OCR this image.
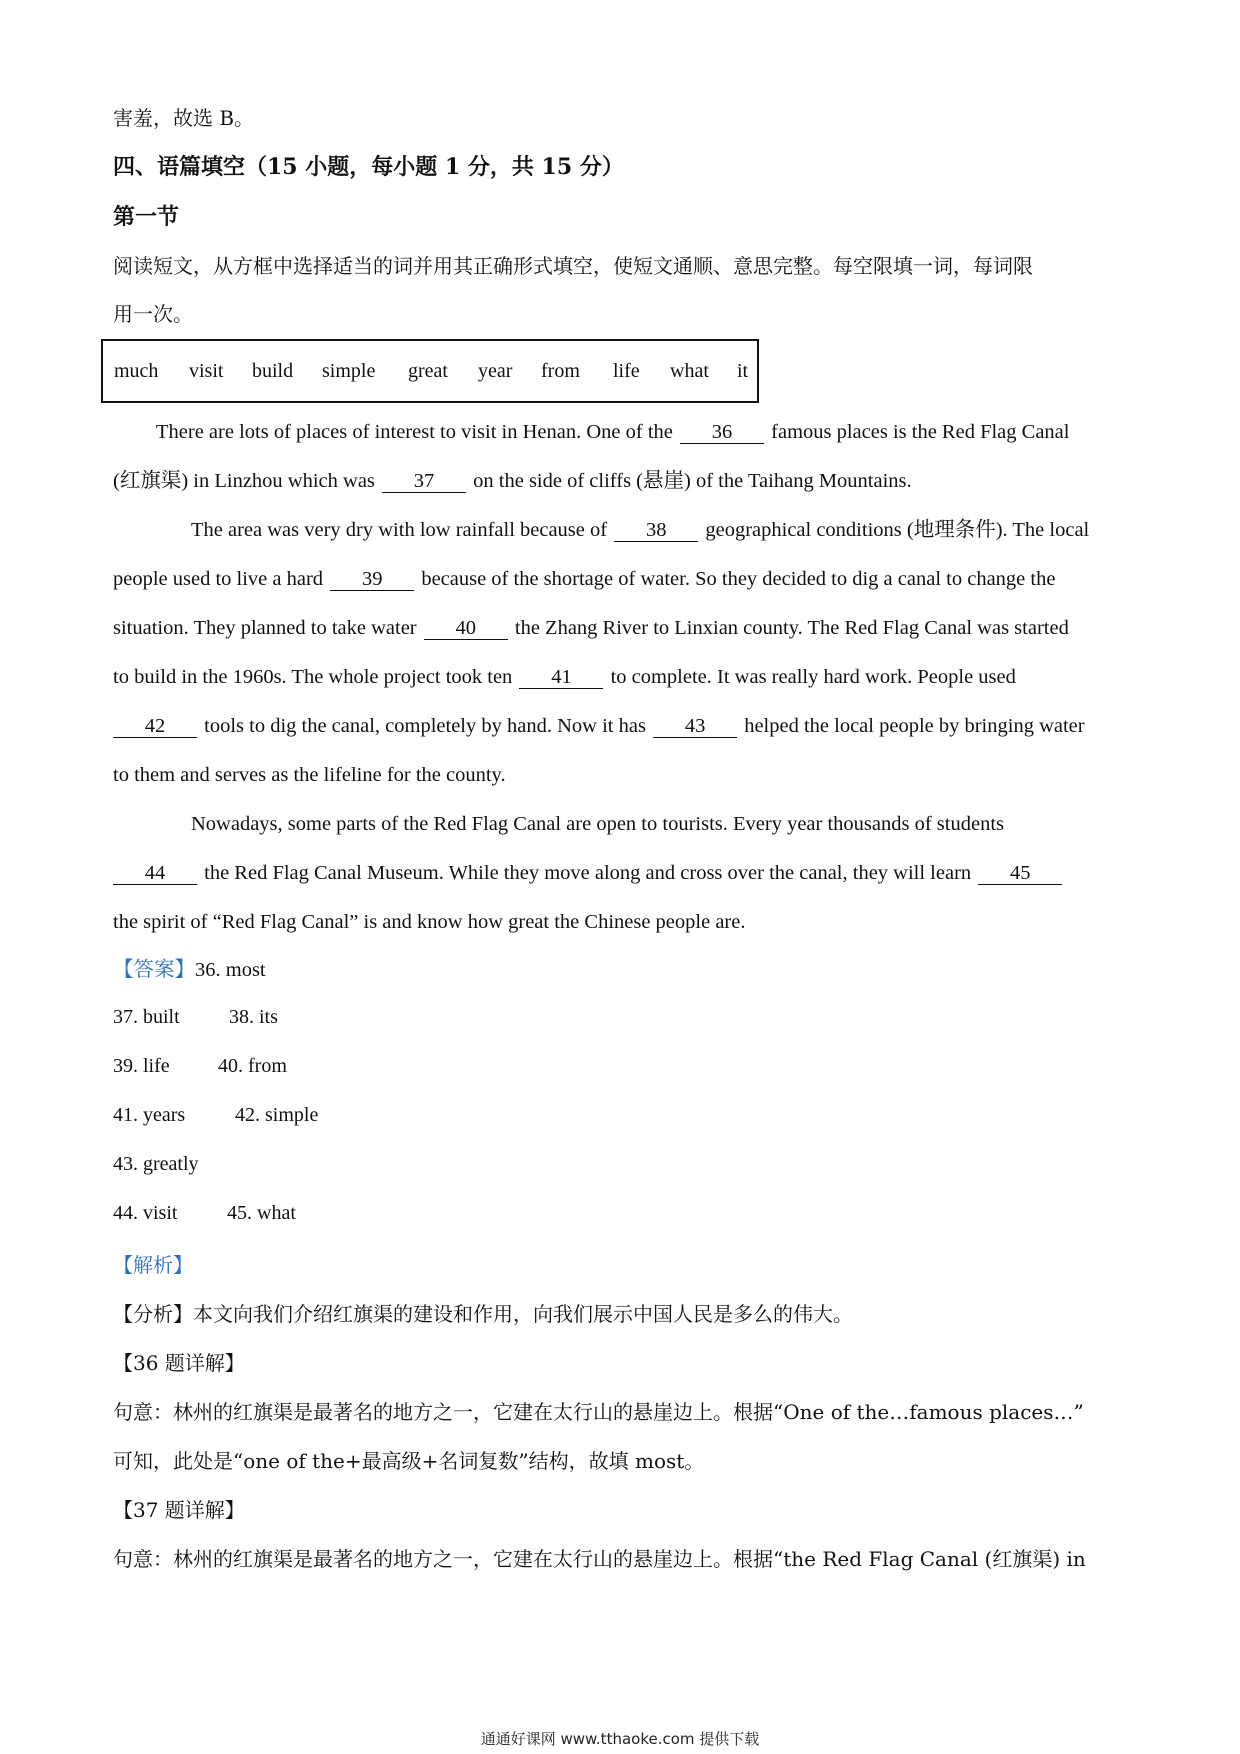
害羞，故选 B。
四、语篇填空（15 小题，每小题 1 分，共 15 分）
第一节
阅读短文，从方框中选择适当的词并用其正确形式填空，使短文通顺、意思完整。每空限填一词，每词限
用一次。
much visit build simple great year from life what it
There are lots of places of interest to visit in Henan. One of the 36 famous places is the Red Flag Canal
(红旗渠) in Linzhou which was 37 on the side of cliffs (悬崖) of the Taihang Mountains.
The area was very dry with low rainfall because of 38 geographical conditions (地理条件). The local
people used to live a hard 39 because of the shortage of water. So they decided to dig a canal to change the
situation. They planned to take water 40 the Zhang River to Linxian county. The Red Flag Canal was started
to build in the 1960s. The whole project took ten 41 to complete. It was really hard work. People used
42 tools to dig the canal, completely by hand. Now it has 43 helped the local people by bringing water
to them and serves as the lifeline for the county.
Nowadays, some parts of the Red Flag Canal are open to tourists. Every year thousands of students
44 the Red Flag Canal Museum. While they move along and cross over the canal, they will learn 45
the spirit of “Red Flag Canal” is and know how great the Chinese people are.
【答案】36. most
37. built 38. its
39. life 40. from
41. years 42. simple
43. greatly
44. visit 45. what
【解析】
【分析】本文向我们介绍红旗渠的建设和作用，向我们展示中国人民是多么的伟大。
【36 题详解】
句意：林州的红旗渠是最著名的地方之一，它建在太行山的悬崖边上。根据“One of the…famous places…”
可知，此处是“one of the+最高级+名词复数”结构，故填 most。
【37 题详解】
句意：林州的红旗渠是最著名的地方之一，它建在太行山的悬崖边上。根据“the Red Flag Canal (红旗渠) in
通通好课网 www.tthaoke.com 提供下载
